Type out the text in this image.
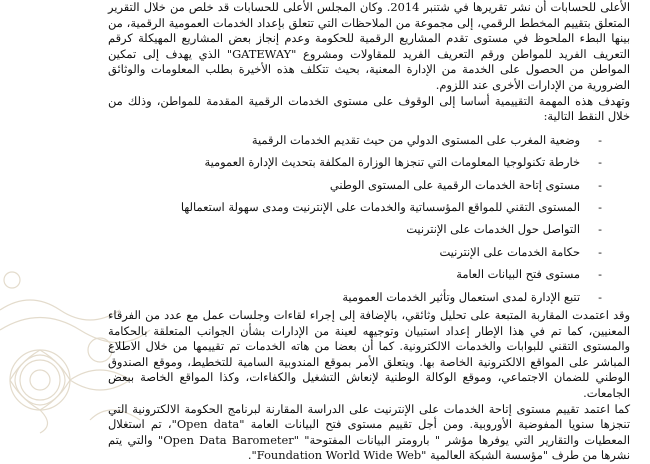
الأعلى للحسابات أن نشر تقريرها في شتنبر 2014. وكان المجلس الأعلى للحسابات قد خلص من خلال التقرير المتعلق بتقييم المخطط الرقمي، إلى مجموعة من الملاحظات التي تتعلق بإعداد الخدمات العمومية الرقمية، من بينها البطء الملحوظ في مستوى تقدم المشاريع الرقمية للحكومة وعدم إنجاز بعض المشاريع المهيكلة كرقم التعريف الفريد للمواطن ورقم التعريف الفريد للمقاولات ومشروع "GATEWAY" الذي يهدف إلى تمكين المواطن من الحصول على الخدمة من الإدارة المعنية، بحيث تتكلف هذه الأخيرة بطلب المعلومات والوثائق الضرورية من الإدارات الأخرى عند اللزوم.

وتهدف هذه المهمة التقييمية أساسا إلى الوقوف على مستوى الخدمات الرقمية المقدمة للمواطن، وذلك من خلال النقط التالية:

- وضعية المغرب على المستوى الدولي من حيث تقديم الخدمات الرقمية
- خارطة تكنولوجيا المعلومات التي تنجزها الوزارة المكلفة بتحديث الإدارة العمومية
- مستوى إتاحة الخدمات الرقمية على المستوى الوطني
- المستوى التقني للمواقع المؤسساتية والخدمات على الإنترنيت ومدى سهولة استعمالها
- التواصل حول الخدمات على الإنترنيت
- حكامة الخدمات على الإنترنيت
- مستوى فتح البيانات العامة
- تتبع الإدارة لمدى استعمال وتأثير الخدمات العمومية

وقد اعتمدت المقاربة المتبعة على تحليل وثائقي، بالإضافة إلى إجراء لقاءات وجلسات عمل مع عدد من الفرقاء المعنيين، كما تم في هذا الإطار إعداد استبيان وتوجيهه لعينة من الإدارات بشأن الجوانب المتعلقة بالحكامة والمستوى التقني للبوابات والخدمات الالكترونية. كما أن بعضا من هاته الخدمات تم تقييمها من خلال الاطلاع المباشر على المواقع الالكترونية الخاصة بها. ويتعلق الأمر بموقع المندوبية السامية للتخطيط، وموقع الصندوق الوطني للضمان الاجتماعي، وموقع الوكالة الوطنية لإنعاش التشغيل والكفاءات، وكذا المواقع الخاصة ببعض الجامعات.

كما اعتمد تقييم مستوى إتاحة الخدمات على الإنترنيت على الدراسة المقارنة لبرنامج الحكومة الالكترونية التي تنجزها سنويا المفوضية الأوروبية. ومن أجل تقييم مستوى فتح البيانات العامة "Open data"، تم استغلال المعطيات والتقارير التي يوفرها مؤشر " بارومتر البيانات المفتوحة" "Open Data Barometer" والتي يتم نشرها من طرف "مؤسسة الشبكة العالمية "Foundation World Wide Web".
